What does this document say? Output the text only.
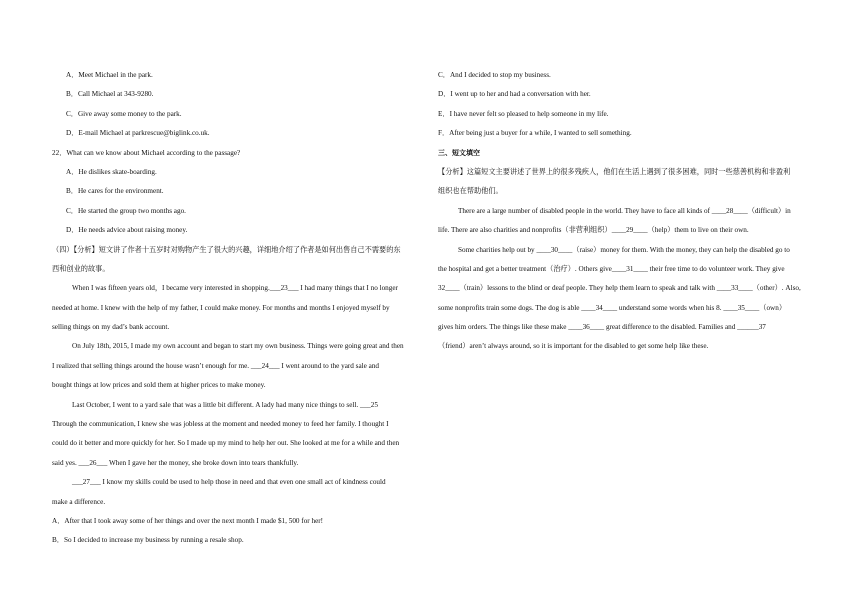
A．Meet Michael in the park.
B．Call Michael at 343-9280.
C．Give away some money to the park.
D．E-mail Michael at parkrescue@biglink.co.uk.
22．What can we know about Michael according to the passage?
A．He dislikes skate-boarding.
B．He cares for the environment.
C．He started the group two months ago.
D．He needs advice about raising money.
（四）【分析】短文讲了作者十五岁时对购物产生了很大的兴趣，详细地介绍了作者是如何出售自己不需要的东
西和创业的故事。
When I was fifteen years old，I became very interested in shopping.___23___ I had many things that I no longer
needed at home. I knew with the help of my father, I could make money. For months and months I enjoyed myself by
selling things on my dad’s bank account.
On July 18th, 2015, I made my own account and began to start my own business. Things were going great and then
I realized that selling things around the house wasn’t enough for me. ___24___ I went around to the yard sale and
bought things at low prices and sold them at higher prices to make money.
Last October, I went to a yard sale that was a little bit different. A lady had many nice things to sell. ___25
Through the communication, I knew she was jobless at the moment and needed money to feed her family. I thought I
could do it better and more quickly for her. So I made up my mind to help her out. She looked at me for a while and then
said yes. ___26___ When I gave her the money, she broke down into tears thankfully.
___27___ I know my skills could be used to help those in need and that even one small act of kindness could
make a difference.
A．After that I took away some of her things and over the next month I made $1, 500 for her!
B．So I decided to increase my business by running a resale shop.
C．And I decided to stop my business.
D．I went up to her and had a conversation with her.
E．I have never felt so pleased to help someone in my life.
F．After being just a buyer for a while, I wanted to sell something.
三、短文填空
【分析】这篇短文主要讲述了世界上的很多残疾人，他们在生活上遇到了很多困难，同时一些慈善机构和非盈利
组织也在帮助他们。
There are a large number of disabled people in the world. They have to face all kinds of ____28____（difficult）in
life. There are also charities and nonprofits（非营利组织）____29____（help）them to live on their own.
Some charities help out by ____30____（raise）money for them. With the money, they can help the disabled go to
the hospital and get a better treatment（治疗）. Others give____31____ their free time to do volunteer work. They give
32____（train）lessons to the blind or deaf people. They help them learn to speak and talk with ____33____（other）. Also,
some nonprofits train some dogs. The dog is able ____34____ understand some words when his 8. ____35____（own）
gives him orders. The things like these make ____36____ great difference to the disabled. Families and ______37
（friend）aren’t always around, so it is important for the disabled to get some help like these.
